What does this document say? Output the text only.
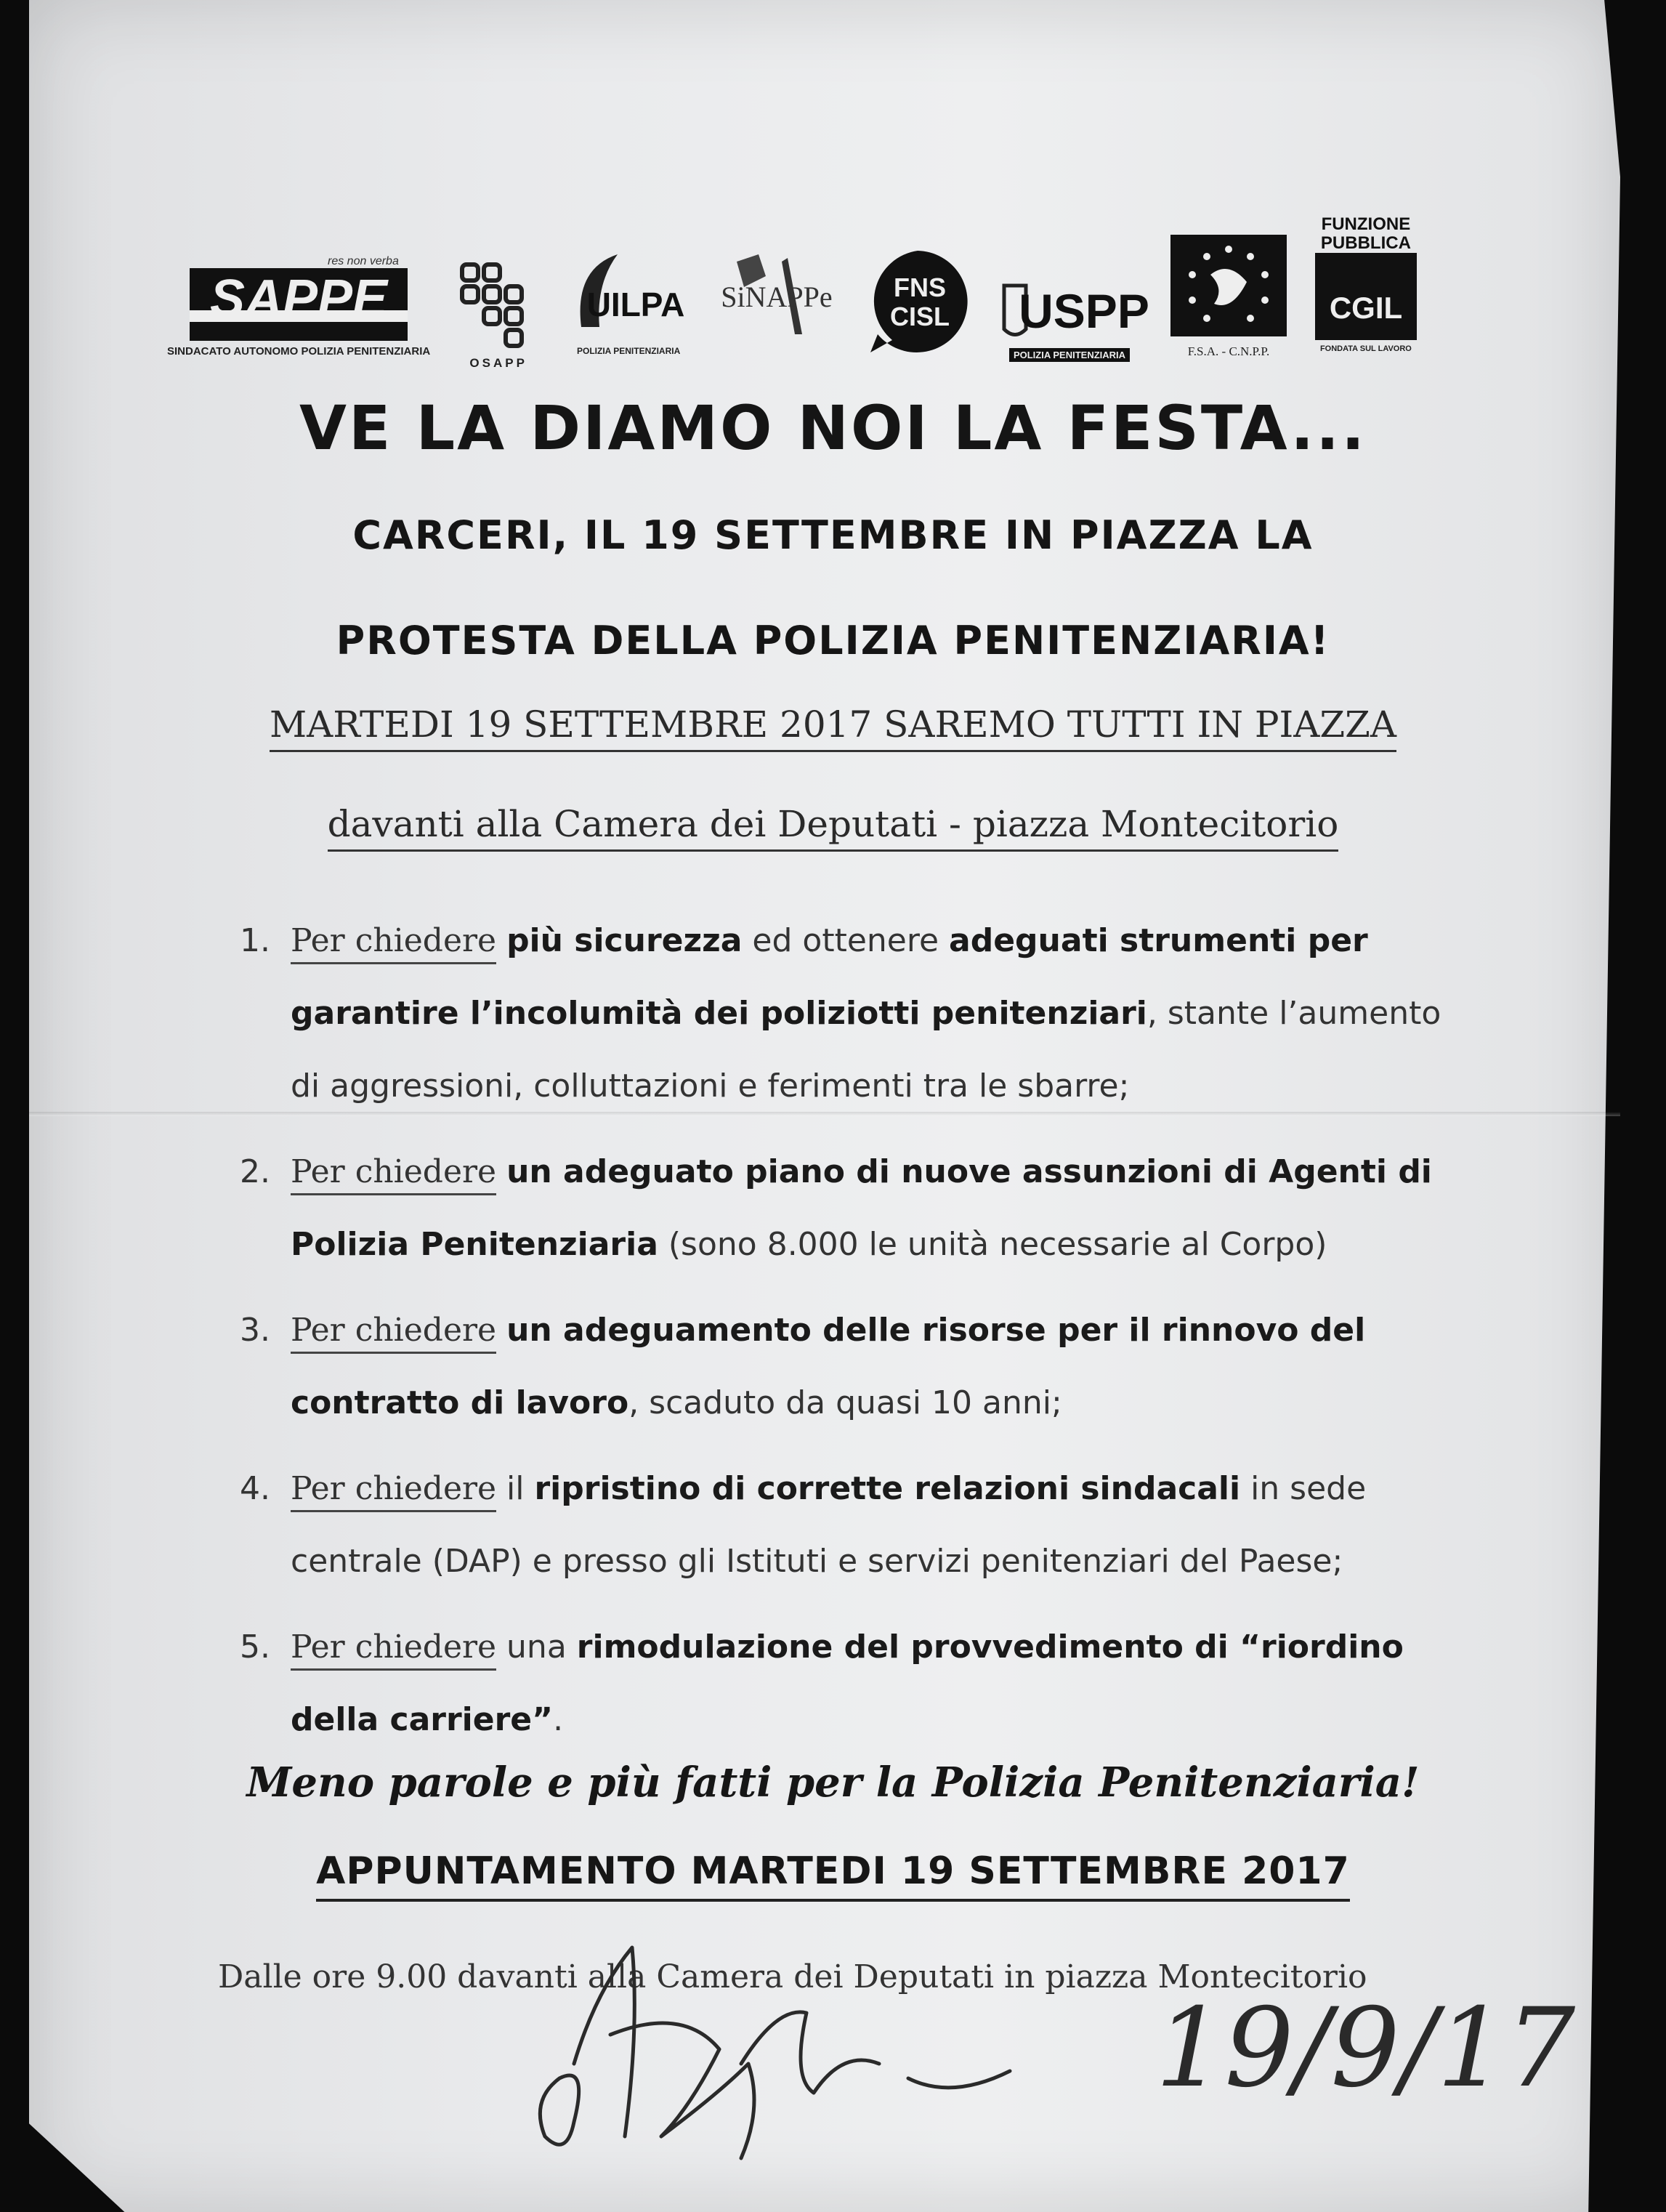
SAPPE
res non verba
SINDACATO AUTONOMO POLIZIA PENITENZIARIA
OSAPP
UILPA
POLIZIA PENITENZIARIA
SiNAPPe FNS
CISL USPP
POLIZIA PENITENZIARIA	F.S.A. - C.N.P.P.
FUNZIONE
PUBBLICA
CGIL
FONDATA SUL LAVORO
VE LA DIAMO NOI LA FESTA...
CARCERI, IL 19 SETTEMBRE IN PIAZZA LA
PROTESTA DELLA POLIZIA PENITENZIARIA!
MARTEDI 19 SETTEMBRE 2017 SAREMO TUTTI IN PIAZZA
davanti alla Camera dei Deputati - piazza Montecitorio
1. Per chiedere più sicurezza ed ottenere adeguati strumenti per garantire l’incolumità dei poliziotti penitenziari, stante l’aumento di aggressioni, colluttazioni e ferimenti tra le sbarre;
2. Per chiedere un adeguato piano di nuove assunzioni di Agenti di Polizia Penitenziaria (sono 8.000 le unità necessarie al Corpo)
3. Per chiedere un adeguamento delle risorse per il rinnovo del contratto di lavoro, scaduto da quasi 10 anni;
4. Per chiedere il ripristino di corrette relazioni sindacali in sede centrale (DAP) e presso gli Istituti e servizi penitenziari del Paese;
5. Per chiedere una rimodulazione del provvedimento di “riordino della carriere”.
Meno parole e più fatti per la Polizia Penitenziaria!
APPUNTAMENTO MARTEDI 19 SETTEMBRE 2017
Dalle ore 9.00 davanti alla Camera dei Deputati in piazza Montecitorio
19/9/17
